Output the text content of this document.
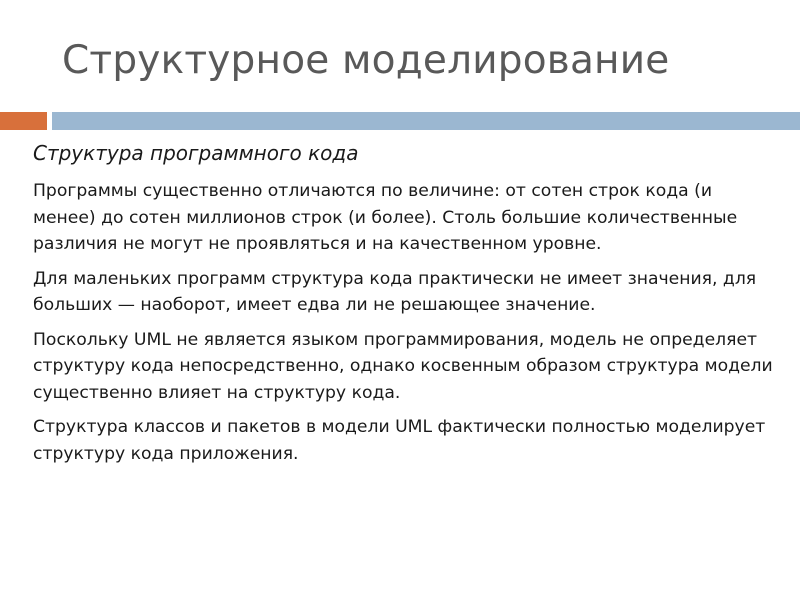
Структурное моделирование
Структура программного кода

Программы существенно отличаются по величине: от сотен строк кода (и менее) до сотен миллионов строк (и более). Столь большие количественные различия не могут не проявляться и на качественном уровне.

Для маленьких программ структура кода практически не имеет значения, для больших — наоборот, имеет едва ли не решающее значение.

Поскольку UML не является языком программирования, модель не определяет структуру кода непосредственно, однако косвенным образом структура модели существенно влияет на структуру кода.

Структура классов и пакетов в модели UML фактически полностью моделирует структуру кода приложения.
